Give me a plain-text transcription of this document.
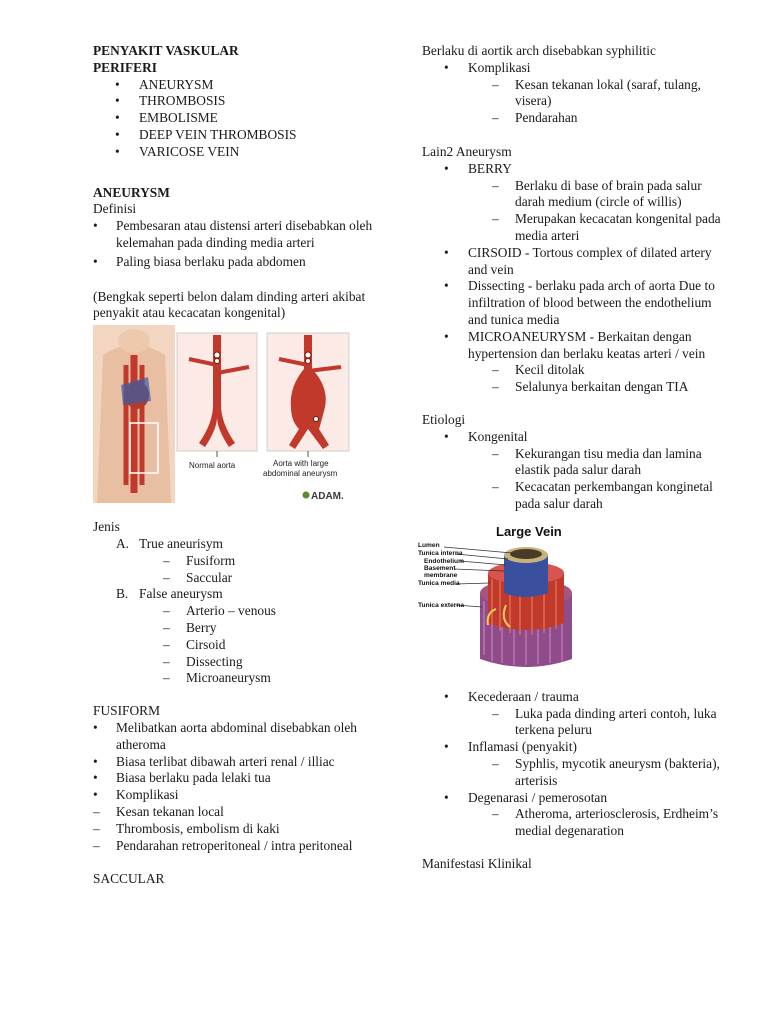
PENYAKIT VASKULAR
PERIFERI
• ANEURYSM
• THROMBOSIS
• EMBOLISME
• DEEP VEIN THROMBOSIS
• VARICOSE VEIN
ANEURYSM
Definisi
• Pembesaran atau distensi arteri disebabkan oleh kelemahan pada dinding media arteri
• Paling biasa berlaku pada abdomen
(Bengkak seperti belon dalam dinding arteri akibat penyakit atau kecacatan kongenital)
Normal aorta	Aorta with large
abdominal aneurysm
ADAM.
Jenis
A. True aneurisym
– Fusiform
– Saccular
B. False aneurysm
– Arterio – venous
– Berry
– Cirsoid
– Dissecting
– Microaneurysm
FUSIFORM
• Melibatkan aorta abdominal disebabkan oleh atheroma
• Biasa terlibat dibawah arteri renal / illiac
• Biasa berlaku pada lelaki tua
• Komplikasi
– Kesan tekanan local
– Thrombosis, embolism di kaki
– Pendarahan retroperitoneal / intra peritoneal
SACCULAR
Berlaku di aortik arch disebabkan syphilitic
• Komplikasi
– Kesan tekanan lokal (saraf, tulang, visera)
– Pendarahan
Lain2 Aneurysm
• BERRY
– Berlaku di base of brain pada salur darah medium (circle of willis)
– Merupakan kecacatan kongenital pada media arteri
• CIRSOID - Tortous complex of dilated artery and vein
• Dissecting - berlaku pada arch of aorta Due to infiltration of blood between the endothelium and tunica media
• MICROANEURYSM - Berkaitan dengan hypertension dan berlaku keatas arteri / vein
– Kecil ditolak
– Selalunya berkaitan dengan TIA
Etiologi
• Kongenital
– Kekurangan tisu media dan lamina elastik pada salur darah
– Kecacatan perkembangan konginetal pada salur darah
Large Vein
Lumen
Tunica interna
Endothelium
Basement
membrane
Tunica media
Tunica externa
• Kecederaan / trauma
– Luka pada dinding arteri contoh, luka terkena peluru
• Inflamasi (penyakit)
– Syphlis, mycotik aneurysm (bakteria), arterisis
• Degenarasi / pemerosotan
– Atheroma, arteriosclerosis, Erdheim’s medial degenaration
Manifestasi Klinikal
